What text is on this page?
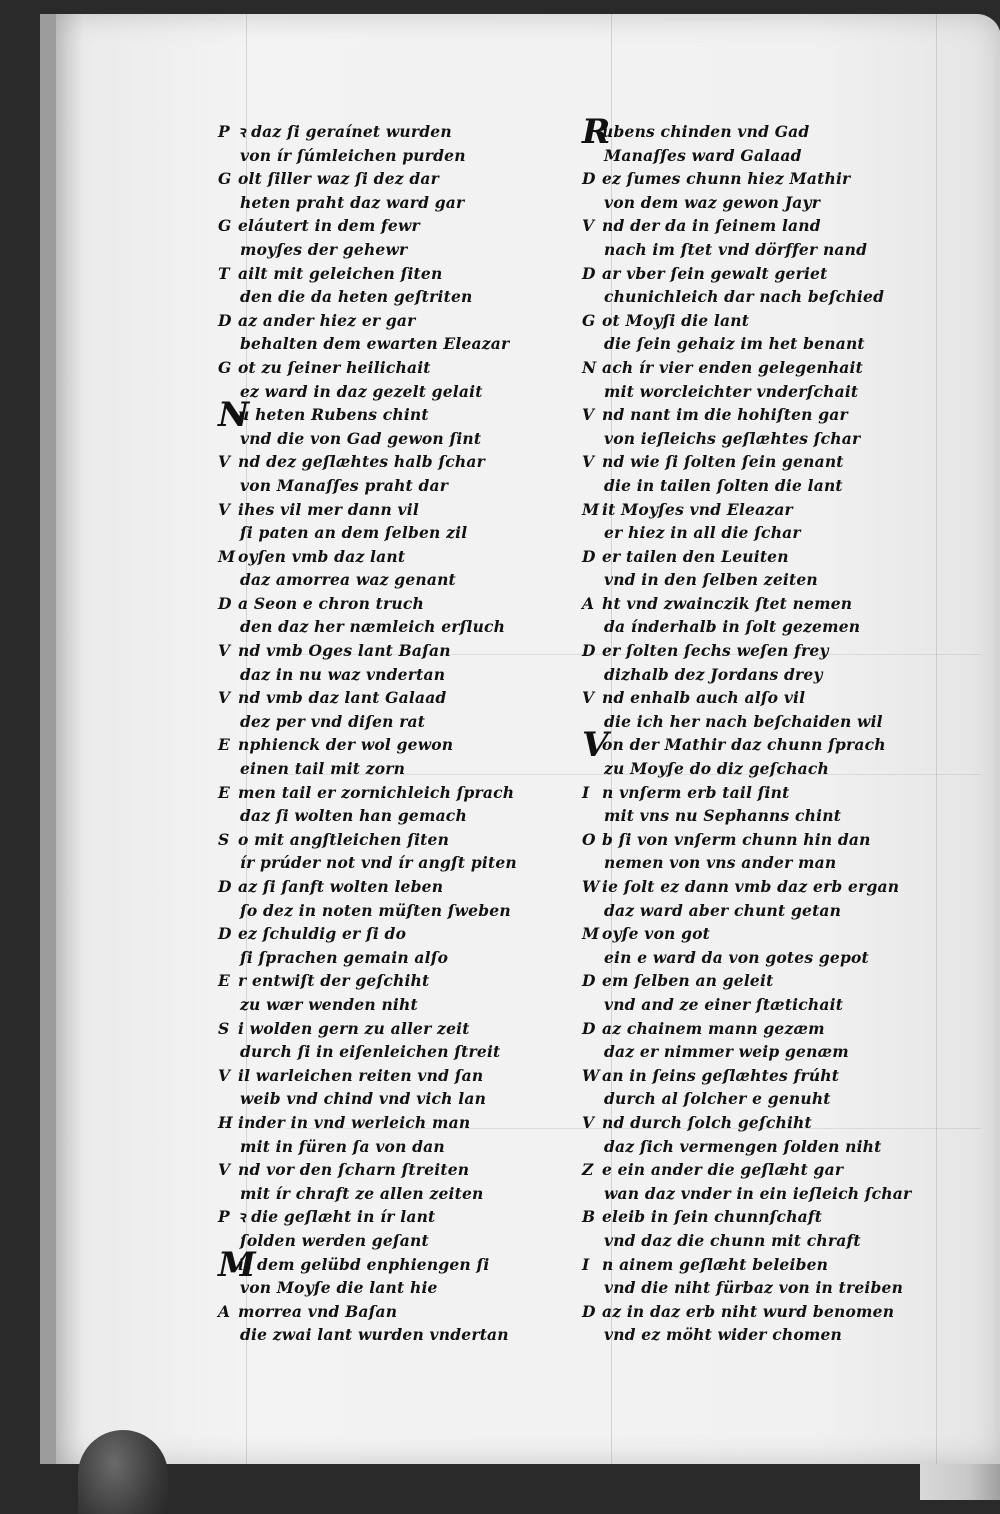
P ꝛ daz ſi geraínet wurden
von ír ſúmleichen purden
G olt ſiller waz ſi dez dar
heten praht daz ward gar
G eláutert in dem fewr
moyſes der gehewr
T ailt mit geleichen ſiten
den die da heten geſtriten
D az ander hiez er gar
behalten dem ewarten Eleazar
G ot zu ſeiner heilichait
ez ward in daz gezelt gelait
Nu heten Rubens chint
vnd die von Gad gewon ſint
V nd dez geſlæhtes halb ſchar
von Manaſſes praht dar
V ihes vil mer dann vil
ſi paten an dem ſelben zil
M oyſen vmb daz lant
daz amorrea waz genant
D a Seon e chron truch
den daz her næmleich erſluch
V nd vmb Oges lant Baſan
daz in nu waz vndertan
V nd vmb daz lant Galaad
dez per vnd diſen rat
E nphienck der wol gewon
einen tail mit zorn
E men tail er zornichleich ſprach
daz ſi wolten han gemach
S o mit angſtleichen ſiten
ír prúder not vnd ír angſt piten
D az ſi ſanft wolten leben
ſo dez in noten müſten ſweben
D ez ſchuldig er ſi do
ſi ſprachen gemain alſo
E r entwiſt der geſchiht
zu wær wenden niht
S i wolden gern zu aller zeit
durch ſi in eiſenleichen ſtreit
V il warleichen reiten vnd ſan
weib vnd chind vnd vich lan
H inder in vnd werleich man
mit in füren ſa von dan
V nd vor den ſcharn ſtreiten
mit ír chraft ze allen zeiten
P ꝛ die geſlæht in ír lant
ſolden werden geſant
Mit dem gelübd enphiengen ſi
von Moyſe die lant hie
A morrea vnd Baſan
die zwai lant wurden vndertan
Rubens chinden vnd Gad
Manaſſes ward Galaad
D ez ſumes chunn hiez Mathir
von dem waz gewon Jayr
V nd der da in ſeinem land
nach im ſtet vnd dörffer nand
D ar vber ſein gewalt geriet
chunichleich dar nach beſchied
G ot Moyſi die lant
die ſein gehaiz im het benant
N ach ír vier enden gelegenhait
mit worcleichter vnderſchait
V nd nant im die hohiſten gar
von ieſleichs geſlæhtes ſchar
V nd wie ſi ſolten ſein genant
die in tailen ſolten die lant
M it Moyſes vnd Eleazar
er hiez in all die ſchar
D er tailen den Leuiten
vnd in den ſelben zeiten
A ht vnd zwainczik ſtet nemen
da índerhalb in ſolt gezemen
D er ſolten ſechs weſen frey
dizhalb dez Jordans drey
V nd enhalb auch alſo vil
die ich her nach beſchaiden wil
Von der Mathir daz chunn ſprach
zu Moyſe do diz geſchach
I n vnſerm erb tail ſint
mit vns nu Sephanns chint
O b ſi von vnſerm chunn hin dan
nemen von vns ander man
W ie ſolt ez dann vmb daz erb ergan
daz ward aber chunt getan
M oyſe von got
ein e ward da von gotes gepot
D em ſelben an geleit
vnd and ze einer ſtætichait
D az chainem mann gezæm
daz er nimmer weip genæm
W an in ſeins geſlæhtes frúht
durch al ſolcher e genuht
V nd durch ſolch geſchiht
daz ſich vermengen ſolden niht
Z e ein ander die geſlæht gar
wan daz vnder in ein ieſleich ſchar
B eleib in ſein chunnſchaft
vnd daz die chunn mit chraft
I n ainem geſlæht beleiben
vnd die niht fürbaz von in treiben
D az in daz erb niht wurd benomen
vnd ez möht wider chomen
